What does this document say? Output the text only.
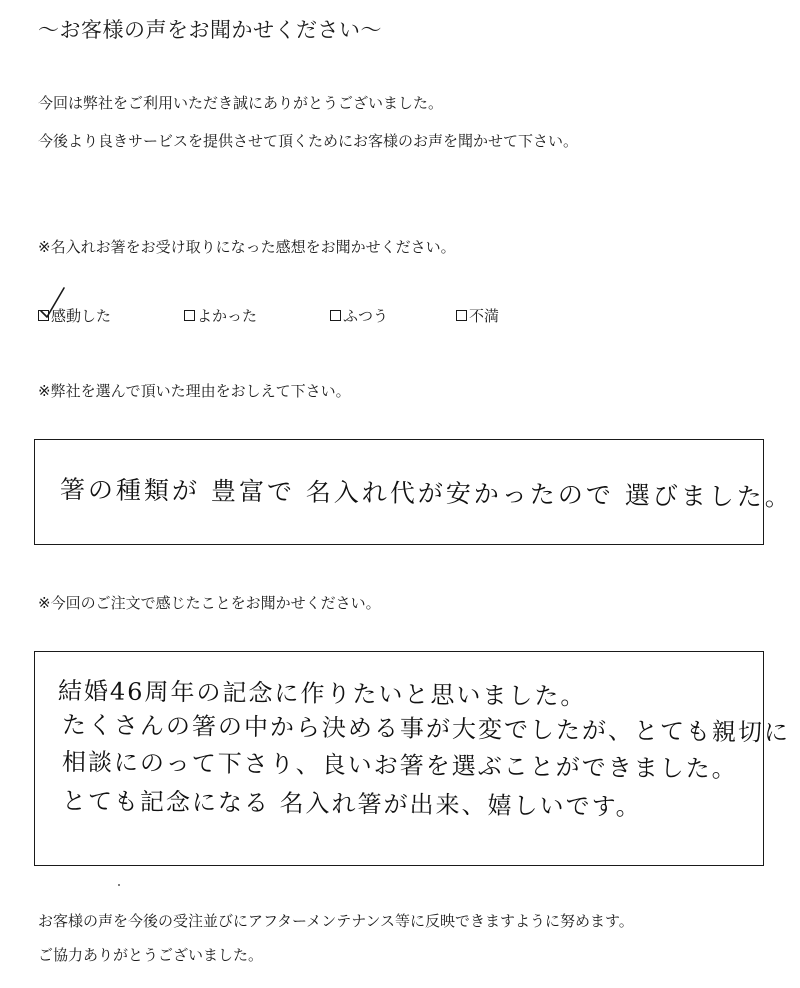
〜お客様の声をお聞かせください〜
今回は弊社をご利用いただき誠にありがとうございました。
今後より良きサービスを提供させて頂くためにお客様のお声を聞かせて下さい。
※名入れお箸をお受け取りになった感想をお聞かせください。
感動した	よかった	ふつう	不満
※弊社を選んで頂いた理由をおしえて下さい。
箸の種類が 豊富で 名入れ代が安かったので 選びました。
※今回のご注文で感じたことをお聞かせください。
結婚46周年の記念に作りたいと思いました。
たくさんの箸の中から決める事が大変でしたが、とても親切に
相談にのって下さり、良いお箸を選ぶことができました。
とても記念になる 名入れ箸が出来、嬉しいです。
お客様の声を今後の受注並びにアフターメンテナンス等に反映できますように努めます。
ご協力ありがとうございました。
